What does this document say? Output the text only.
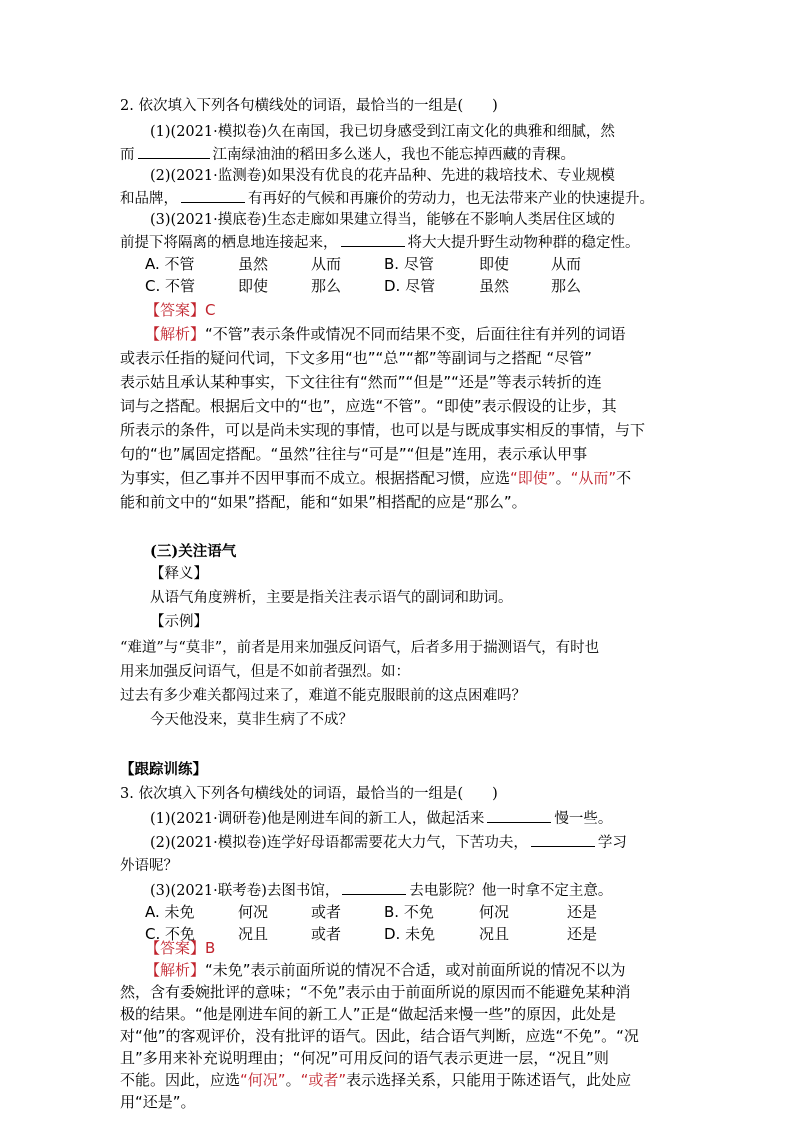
2. 依次填入下列各句横线处的词语，最恰当的一组是(　　)
(1)(2021·模拟卷)久在南国，我已切身感受到江南文化的典雅和细腻，然
而	江南绿油油的稻田多么迷人，我也不能忘掉西藏的青稞。
(2)(2021·监测卷)如果没有优良的花卉品种、先进的栽培技术、专业规模
和品牌，	有再好的气候和再廉价的劳动力，也无法带来产业的快速提升。
(3)(2021·摸底卷)生态走廊如果建立得当，能够在不影响人类居住区域的
前提下将隔离的栖息地连接起来，	将大大提升野生动物种群的稳定性。
A. 不管	虽然	从而	B. 尽管	即使	从而
C. 不管	即使	那么	D. 尽管	虽然	那么
【答案】C
【解析】“不管”表示条件或情况不同而结果不变，后面往往有并列的词语
或表示任指的疑问代词，下文多用“也”“总”“都”等副词与之搭配 “尽管”
表示姑且承认某种事实，下文往往有“然而”“但是”“还是”等表示转折的连
词与之搭配。根据后文中的“也”，应选“不管”。“即使”表示假设的让步，其
所表示的条件，可以是尚未实现的事情，也可以是与既成事实相反的事情，与下
句的“也”属固定搭配。“虽然”往往与“可是”“但是”连用，表示承认甲事
为事实，但乙事并不因甲事而不成立。根据搭配习惯，应选“即使”。“从而”不
能和前文中的“如果”搭配，能和“如果”相搭配的应是“那么”。
(三)关注语气
【释义】
从语气角度辨析，主要是指关注表示语气的副词和助词。
【示例】
“难道”与“莫非”，前者是用来加强反问语气，后者多用于揣测语气，有时也
用来加强反问语气，但是不如前者强烈。如：
过去有多少难关都闯过来了，难道不能克服眼前的这点困难吗？
今天他没来，莫非生病了不成？
【跟踪训练】
3. 依次填入下列各句横线处的词语，最恰当的一组是(　　)
(1)(2021·调研卷)他是刚进车间的新工人，做起活来	慢一些。
(2)(2021·模拟卷)连学好母语都需要花大力气，下苦功夫，	学习
外语呢？
(3)(2021·联考卷)去图书馆，	去电影院？他一时拿不定主意。
A. 未免	何况	或者	B. 不免	何况	还是
C. 不免	况且	或者	D. 未免	况且	还是
【答案】B
【解析】“未免”表示前面所说的情况不合适，或对前面所说的情况不以为
然，含有委婉批评的意味；“不免”表示由于前面所说的原因而不能避免某种消
极的结果。“他是刚进车间的新工人”正是“做起活来慢一些”的原因，此处是
对“他”的客观评价，没有批评的语气。因此，结合语气判断，应选“不免”。“况
且”多用来补充说明理由；“何况”可用反问的语气表示更进一层，“况且”则
不能。因此，应选“何况”。“或者”表示选择关系，只能用于陈述语气，此处应
用“还是”。
